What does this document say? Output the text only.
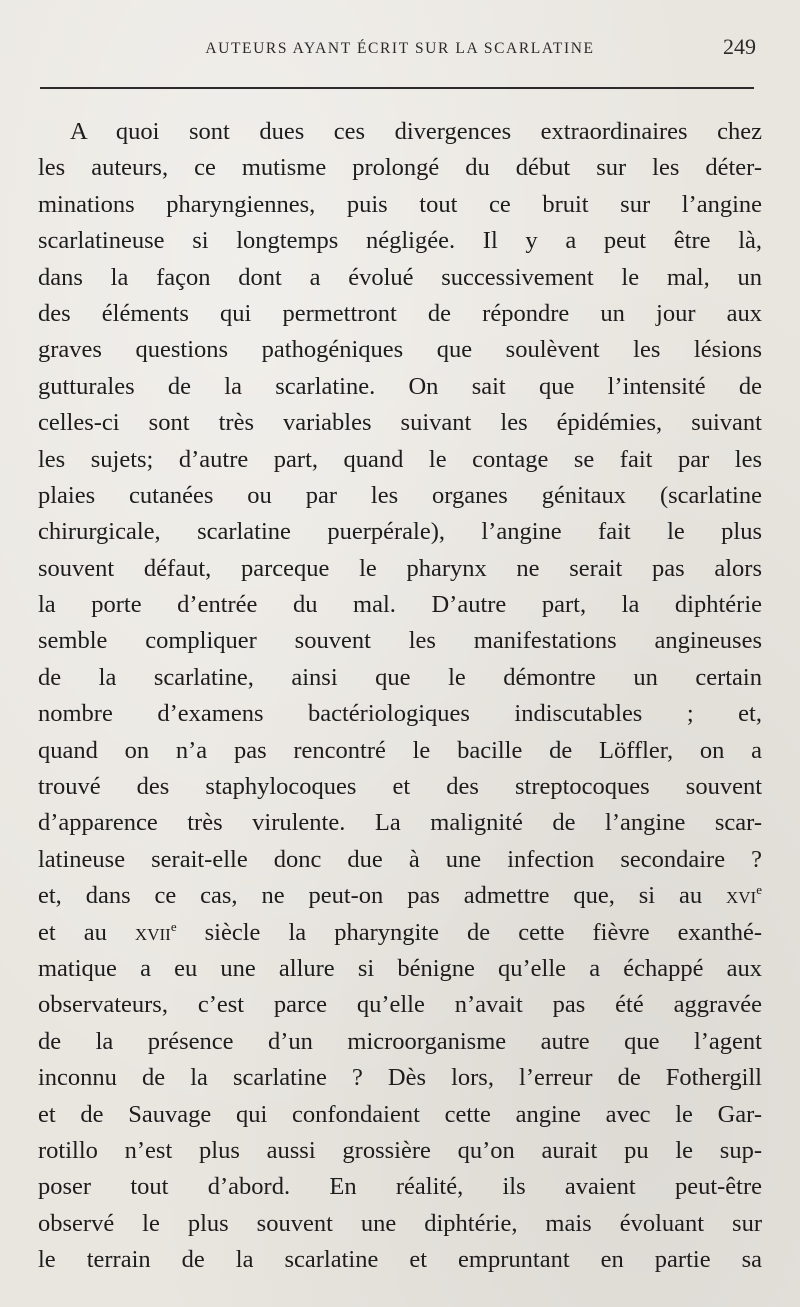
AUTEURS AYANT ÉCRIT SUR LA SCARLATINE	249
A quoi sont dues ces divergences extraordinaires chez
les auteurs, ce mutisme prolongé du début sur les déter-
minations pharyngiennes, puis tout ce bruit sur l’angine
scarlatineuse si longtemps négligée. Il y a peut être là,
dans la façon dont a évolué successivement le mal, un
des éléments qui permettront de répondre un jour aux
graves questions pathogéniques que soulèvent les lésions
gutturales de la scarlatine. On sait que l’intensité de
celles-ci sont très variables suivant les épidémies, suivant
les sujets; d’autre part, quand le contage se fait par les
plaies cutanées ou par les organes génitaux (scarlatine
chirurgicale, scarlatine puerpérale), l’angine fait le plus
souvent défaut, parceque le pharynx ne serait pas alors
la porte d’entrée du mal. D’autre part, la diphtérie
semble compliquer souvent les manifestations angineuses
de la scarlatine, ainsi que le démontre un certain
nombre d’examens bactériologiques indiscutables ; et,
quand on n’a pas rencontré le bacille de Löffler, on a
trouvé des staphylocoques et des streptocoques souvent
d’apparence très virulente. La malignité de l’angine scar-
latineuse serait-elle donc due à une infection secondaire ?
et, dans ce cas, ne peut-on pas admettre que, si au xvi$^e$
et au xvii$^e$ siècle la pharyngite de cette fièvre exanthé-
matique a eu une allure si bénigne qu’elle a échappé aux
observateurs, c’est parce qu’elle n’avait pas été aggravée
de la présence d’un microorganisme autre que l’agent
inconnu de la scarlatine ? Dès lors, l’erreur de Fothergill
et de Sauvage qui confondaient cette angine avec le Gar-
rotillo n’est plus aussi grossière qu’on aurait pu le sup-
poser tout d’abord. En réalité, ils avaient peut-être
observé le plus souvent une diphtérie, mais évoluant sur
le terrain de la scarlatine et empruntant en partie sa
